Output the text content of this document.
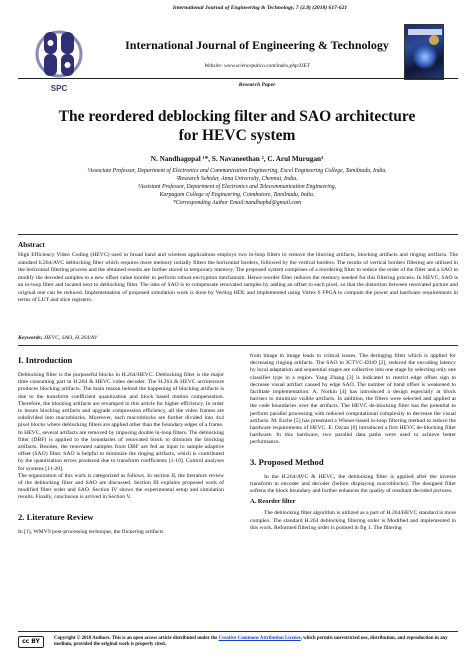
International Journal of Engineering & Technology, 7 (2.8) (2018) 617-621
SPC
International Journal of Engineering & Technology
Website: www.sciencepubco.com/index.php/IJET
Research Paper
The reordered deblocking filter and SAO architecture
for HEVC system
N. Nandhagopal ¹*, S. Navaneethan ², C. Arul Murugan³
¹Associate Professor, Department of Electronics and Communication Engineering, Excel Engineering College, Tamilnadu, India.
²Research Scholar, Anna University, Chennai, India.
³Assistant Professor, Department of Electronics and Telecommunication Engineering,
Karpagam College of Engineering, Coimbatore, Tamilnadu, India.
*Corresponding Author Email:nandhaphd@gmail.com
Abstract
High Efficiency Video Coding (HEVC) used in broad band and wireless applications employs two in-loop filters to remove the blurring artifacts, blocking artifacts and ringing artifacts. The standard h.264/AVC deblocking filter which requires more memory initially filters the horizontal borders, followed by the vertical borders. The results of vertical borders filtering are utilized in the horizontal filtering process and the obtained results are further stored in temporary memory. The proposed system comprises of a reordering filter to reduce the order of the filter and a SAO to modify the decoded samples to a new offset value inorder to perform robust encryption mechanism. Hence reorder filter reduces the memory needed for this filtering process. In HEVC, SAO is an in-loop filter and located next to deblocking filter. The idea of SAO is to compensate renovated samples by adding an offset to each pixel, so that the distortion between renovated picture and original one can be reduced. Implementation of proposed simulation work is done by Verilog HDL and implemented using Virtex 6 FPGA to compute the power and hardware requirements in terms of LUT and slice registers.
Keywords: HEVC, SAO, H.264/AV
I. Introduction

Deblocking filter is the purposeful blocks in H.264/HEVC. Deblocking filter is the major time consuming part in H.264 & HEVC video decoder. The H.264 & HEVC architecture produces blocking artifacts. The main reason behind the happening of blocking artifacts is due to the transform coefficient quantization and block based motion compensation. Therefore, the blocking artifacts are revamped in this article for higher efficiency. In order to lessen blocking artifacts and upgrade compression efficiency, all the video frames are subdivided into macroblocks. Moreover, each macroblocks are further divided into 4x4 pixel blocks where deblocking filters are applied other than the boundary edges of a frame.

In HEVC, several artifacts are removed by imposing double in-loop filters. The deblocking filter (DBF) is applied to the boundaries of renovated block to diminish the blocking artifacts. Besides, the renovated samples from DBF are fed as input to sample adaptive offset (SAO) filter. SAO is helpful to minimize the ringing artifacts, which is contributed by the quantization errors produced due to transform coefficients [1-10]. Control analyses for systems [11-20].

The organization of this work is categorized as follows. In section II, the literature review of the deblocking filter and SAO are discussed. Section III explains proposed work of modified filter order and SAO. Section IV shows the experimental setup and simulation results. Finally, conclusion is arrived in Section V.

2. Literature Review

In [1], WMV9 post-processing technique, the flickering artifacts

from image to image leads to critical issues. The deringing filter which is applied for decreasing ringing artifacts. The SAO in JCTVC-E049 [2], reduced the encoding latency by local adaptation and sequential stages are collective into one stage by selecting only one classifier type in a region. Yang Zhang [3] is indicated to restrict edge offset sign to decrease visual artifact caused by edge SAO. The number of band offset is weakened to facilitate implementation. A. Norkin [4] has introduced a design especially at block barriers to minimize visible artifacts. In addition, the filters were selected and applied at the code boundaries over the artifacts. The HEVC de-blocking filter has the potential to perform parallel processing with reduced computational complexity to decrease the visual artifacts. M. Esche [5] has presented a Wiener-based in-loop filtering method to reduce the hardware requirements of HEVC. E. Ozcan [6] introduced a first HEVC de-blocking filter hardware. In this hardware, two parallel data paths were used to achieve better performance.

3. Proposed Method

In the H.264/AVC & HEVC, the deblocking filter is applied after the inverse transform in encoder and decoder (before displaying macroblocks). The designed filter softens the block boundary and further enhances the quality of resultant decoded pictures.

A. Reorder filter

The deblocking filter algorithm is utilized as a part of H.264/HEVC standard is more complex. The standard H.264 deblocking filtering order is Modified and implemented in this work. Reformed filtering order is pointed in fig 1. The filtering

cc BY	Copyright © 2018 Authors. This is an open access article distributed under the Creative Commons Attribution License, which permits unrestricted use, distribution, and reproduction in any medium, provided the original work is properly cited.
